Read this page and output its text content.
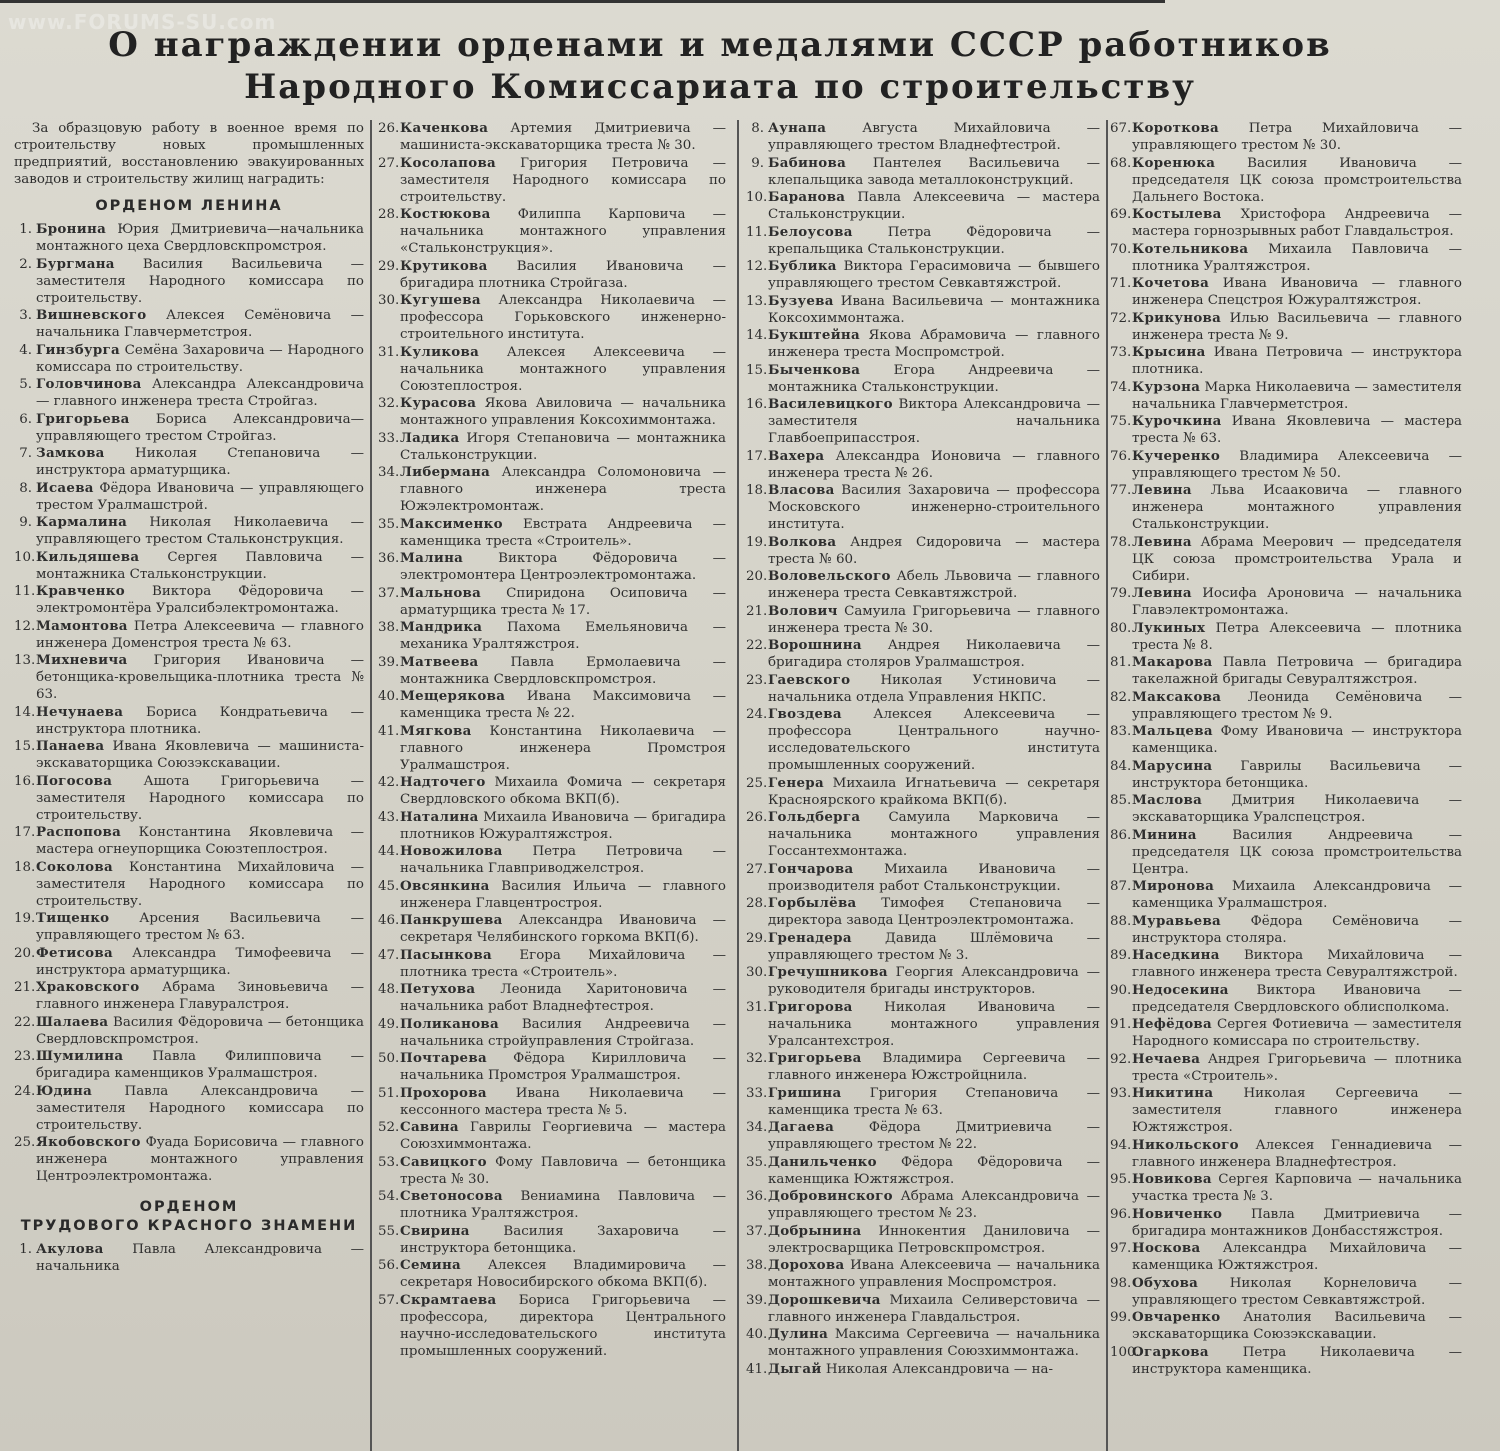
www.FORUMS-SU.com
О награждении орденами и медалями СССР работников
Народного Комиссариата по строительству
За образцовую работу в военное время по строительству новых промышленных предприятий, восстановлению эвакуированных заводов и строительству жилищ наградить:
ОРДЕНОМ ЛЕНИНА
1. Бронина Юрия Дмитриевича—начальника монтажного цеха Свердловскпромстроя.
2. Бургмана Василия Васильевича — заместителя Народного комиссара по строительству.
3. Вишневского Алексея Семёновича — начальника Главчерметстроя.
4. Гинзбурга Семёна Захаровича — Народного комиссара по строительству.
5. Головчинова Александра Александровича — главного инженера треста Стройгаз.
6. Григорьева Бориса Александровича—управляющего трестом Стройгаз.
7. Замкова Николая Степановича — инструктора арматурщика.
8. Исаева Фёдора Ивановича — управляющего трестом Уралмашстрой.
9. Кармалина Николая Николаевича — управляющего трестом Стальконструкция.
10.Кильдяшева Сергея Павловича — монтажника Стальконструкции.
11.Кравченко Виктора Фёдоровича — электромонтёра Уралсибэлектромонтажа.
12.Мамонтова Петра Алексеевича — главного инженера Доменстроя треста № 63.
13.Михневича Григория Ивановича — бетонщика-кровельщика-плотника треста № 63.
14.Нечунаева Бориса Кондратьевича — инструктора плотника.
15.Панаева Ивана Яковлевича — машиниста-экскаваторщика Союзэкскавации.
16.Погосова Ашота Григорьевича — заместителя Народного комиссара по строительству.
17.Распопова Константина Яковлевича — мастера огнеупорщика Союзтеплостроя.
18.Соколова Константина Михайловича — заместителя Народного комиссара по строительству.
19.Тищенко Арсения Васильевича — управляющего трестом № 63.
20.Фетисова Александра Тимофеевича — инструктора арматурщика.
21.Храковского Абрама Зиновьевича — главного инженера Главуралстроя.
22.Шалаева Василия Фёдоровича — бетонщика Свердловскпромстроя.
23.Шумилина Павла Филипповича — бригадира каменщиков Уралмашстроя.
24.Юдина Павла Александровича — заместителя Народного комиссара по строительству.
25.Якобовского Фуада Борисовича — главного инженера монтажного управления Центроэлектромонтажа.
ОРДЕНОМ
ТРУДОВОГО КРАСНОГО ЗНАМЕНИ
1. Акулова Павла Александровича — начальника
26.Каченкова Артемия Дмитриевича — машиниста-экскаваторщика треста № 30.
27.Косолапова Григория Петровича — заместителя Народного комиссара по строительству.
28.Костюкова Филиппа Карповича — начальника монтажного управления «Стальконструкция».
29.Крутикова Василия Ивановича — бригадира плотника Стройгаза.
30.Кугушева Александра Николаевича — профессора Горьковского инженерно-строительного института.
31.Куликова Алексея Алексеевича — начальника монтажного управления Союзтеплостроя.
32.Курасова Якова Авиловича — начальника монтажного управления Коксохиммонтажа.
33.Ладика Игоря Степановича — монтажника Стальконструкции.
34.Либермана Александра Соломоновича — главного инженера треста Южэлектромонтаж.
35.Максименко Евстрата Андреевича — каменщика треста «Строитель».
36.Малина Виктора Фёдоровича — электромонтера Центроэлектромонтажа.
37.Мальнова Спиридона Осиповича — арматурщика треста № 17.
38.Мандрика Пахома Емельяновича — механика Уралтяжстроя.
39.Матвеева Павла Ермолаевича — монтажника Свердловскпромстроя.
40.Мещерякова Ивана Максимовича — каменщика треста № 22.
41.Мягкова Константина Николаевича — главного инженера Промстроя Уралмашстроя.
42.Надточего Михаила Фомича — секретаря Свердловского обкома ВКП(б).
43.Наталина Михаила Ивановича — бригадира плотников Южуралтяжстроя.
44.Новожилова Петра Петровича — начальника Главприводжелстроя.
45.Овсянкина Василия Ильича — главного инженера Главцентростроя.
46.Панкрушева Александра Ивановича — секретаря Челябинского горкома ВКП(б).
47.Пасынкова Егора Михайловича — плотника треста «Строитель».
48.Петухова Леонида Харитоновича — начальника работ Владнефтестроя.
49.Поликанова Василия Андреевича — начальника стройуправления Стройгаза.
50.Почтарева Фёдора Кирилловича — начальника Промстроя Уралмашстроя.
51.Прохорова Ивана Николаевича — кессонного мастера треста № 5.
52.Савина Гаврилы Георгиевича — мастера Союзхиммонтажа.
53.Савицкого Фому Павловича — бетонщика треста № 30.
54.Светоносова Вениамина Павловича — плотника Уралтяжстроя.
55.Свирина Василия Захаровича — инструктора бетонщика.
56.Семина Алексея Владимировича — секретаря Новосибирского обкома ВКП(б).
57.Скрамтаева Бориса Григорьевича — профессора, директора Центрального научно-исследовательского института промышленных сооружений.
8. Аунапа Августа Михайловича — управляющего трестом Владнефтестрой.
9. Бабинова Пантелея Васильевича — клепальщика завода металлоконструкций.
10.Баранова Павла Алексеевича — мастера Стальконструкции.
11.Белоусова Петра Фёдоровича — крепальщика Стальконструкции.
12.Бублика Виктора Герасимовича — бывшего управляющего трестом Севкавтяжстрой.
13.Бузуева Ивана Васильевича — монтажника Коксохиммонтажа.
14.Букштейна Якова Абрамовича — главного инженера треста Моспромстрой.
15.Быченкова Егора Андреевича — монтажника Стальконструкции.
16.Василевицкого Виктора Александровича — заместителя начальника Главбоеприпасстроя.
17.Вахера Александра Ионовича — главного инженера треста № 26.
18.Власова Василия Захаровича — профессора Московского инженерно-строительного института.
19.Волкова Андрея Сидоровича — мастера треста № 60.
20.Воловельского Абель Львовича — главного инженера треста Севкавтяжстрой.
21.Волович Самуила Григорьевича — главного инженера треста № 30.
22.Ворошнина Андрея Николаевича — бригадира столяров Уралмашстроя.
23.Гаевского Николая Устиновича — начальника отдела Управления НКПС.
24.Гвоздева Алексея Алексеевича — профессора Центрального научно-исследовательского института промышленных сооружений.
25.Генера Михаила Игнатьевича — секретаря Красноярского крайкома ВКП(б).
26.Гольдберга Самуила Марковича — начальника монтажного управления Госсантехмонтажа.
27.Гончарова Михаила Ивановича — производителя работ Стальконструкции.
28.Горбылёва Тимофея Степановича — директора завода Центроэлектромонтажа.
29.Гренадера Давида Шлёмовича — управляющего трестом № 3.
30.Гречушникова Георгия Александровича — руководителя бригады инструкторов.
31.Григорова Николая Ивановича — начальника монтажного управления Уралсантехстроя.
32.Григорьева Владимира Сергеевича — главного инженера Южстройцнила.
33.Гришина Григория Степановича — каменщика треста № 63.
34.Дагаева Фёдора Дмитриевича — управляющего трестом № 22.
35.Данильченко Фёдора Фёдоровича — каменщика Южтяжстроя.
36.Добровинского Абрама Александровича — управляющего трестом № 23.
37.Добрынина Иннокентия Даниловича — электросварщика Петровскпромстроя.
38.Дорохова Ивана Алексеевича — начальника монтажного управления Моспромстроя.
39.Дорошкевича Михаила Селиверстовича — главного инженера Главдальстроя.
40.Дулина Максима Сергеевича — начальника монтажного управления Союзхиммонтажа.
41.Дыгай Николая Александровича — на-
67.Короткова Петра Михайловича — управляющего трестом № 30.
68.Коренюка Василия Ивановича — председателя ЦК союза промстроительства Дальнего Востока.
69.Костылева Христофора Андреевича — мастера горнозрывных работ Главдальстроя.
70.Котельникова Михаила Павловича — плотника Уралтяжстроя.
71.Кочетова Ивана Ивановича — главного инженера Спецстроя Южуралтяжстроя.
72.Крикунова Илью Васильевича — главного инженера треста № 9.
73.Крысина Ивана Петровича — инструктора плотника.
74.Курзона Марка Николаевича — заместителя начальника Главчерметстроя.
75.Курочкина Ивана Яковлевича — мастера треста № 63.
76.Кучеренко Владимира Алексеевича — управляющего трестом № 50.
77.Левина Льва Исааковича — главного инженера монтажного управления Стальконструкции.
78.Левина Абрама Меерович — председателя ЦК союза промстроительства Урала и Сибири.
79.Левина Иосифа Ароновича — начальника Главэлектромонтажа.
80.Лукиных Петра Алексеевича — плотника треста № 8.
81.Макарова Павла Петровича — бригадира такелажной бригады Севуралтяжстроя.
82.Максакова Леонида Семёновича — управляющего трестом № 9.
83.Мальцева Фому Ивановича — инструктора каменщика.
84.Марусина Гаврилы Васильевича — инструктора бетонщика.
85.Маслова Дмитрия Николаевича — экскаваторщика Уралспецстроя.
86.Минина Василия Андреевича — председателя ЦК союза промстроительства Центра.
87.Миронова Михаила Александровича — каменщика Уралмашстроя.
88.Муравьева Фёдора Семёновича — инструктора столяра.
89.Наседкина Виктора Михайловича — главного инженера треста Севуралтяжстрой.
90.Недосекина Виктора Ивановича — председателя Свердловского облисполкома.
91.Нефёдова Сергея Фотиевича — заместителя Народного комиссара по строительству.
92.Нечаева Андрея Григорьевича — плотника треста «Строитель».
93.Никитина Николая Сергеевича — заместителя главного инженера Южтяжстроя.
94.Никольского Алексея Геннадиевича — главного инженера Владнефтестроя.
95.Новикова Сергея Карповича — начальника участка треста № 3.
96.Новиченко Павла Дмитриевича — бригадира монтажников Донбасстяжстроя.
97.Носкова Александра Михайловича — каменщика Южтяжстроя.
98.Обухова Николая Корнеловича — управляющего трестом Севкавтяжстрой.
99.Овчаренко Анатолия Васильевича — экскаваторщика Союзэкскавации.
100.Огаркова Петра Николаевича — инструктора каменщика.
